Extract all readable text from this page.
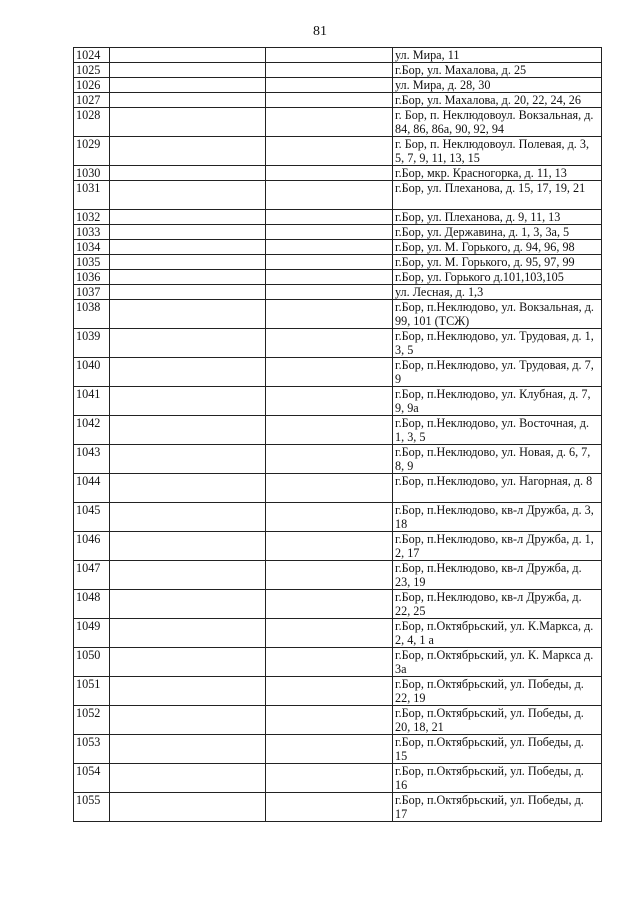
81
1024			ул. Мира, 11
1025			г.Бор, ул. Махалова, д. 25
1026			ул. Мира, д. 28, 30
1027			г.Бор, ул. Махалова, д. 20, 22, 24, 26
1028			г. Бор, п. Неклюдовоул. Вокзальная, д. 84, 86, 86а, 90, 92, 94
1029			г. Бор, п. Неклюдовоул. Полевая, д. 3, 5, 7, 9, 11, 13, 15
1030			г.Бор, мкр. Красногорка, д. 11, 13
1031			г.Бор, ул. Плеханова, д. 15, 17, 19, 21
1032			г.Бор, ул. Плеханова, д. 9, 11, 13
1033			г.Бор, ул. Державина, д. 1, 3, 3а, 5
1034			г.Бор, ул. М. Горького, д. 94, 96, 98
1035			г.Бор, ул. М. Горького, д. 95, 97, 99
1036			г.Бор, ул. Горького д.101,103,105
1037			ул. Лесная, д. 1,3
1038			г.Бор, п.Неклюдово, ул. Вокзальная, д. 99, 101 (ТСЖ)
1039			г.Бор, п.Неклюдово, ул. Трудовая, д. 1, 3, 5
1040			г.Бор, п.Неклюдово, ул. Трудовая, д. 7, 9
1041			г.Бор, п.Неклюдово, ул. Клубная, д. 7, 9, 9а
1042			г.Бор, п.Неклюдово, ул. Восточная, д. 1, 3, 5
1043			г.Бор, п.Неклюдово, ул. Новая, д. 6, 7, 8, 9
1044			г.Бор, п.Неклюдово, ул. Нагорная, д. 8
1045			г.Бор, п.Неклюдово, кв-л Дружба, д. 3, 18
1046			г.Бор, п.Неклюдово, кв-л Дружба, д. 1, 2, 17
1047			г.Бор, п.Неклюдово, кв-л Дружба, д. 23, 19
1048			г.Бор, п.Неклюдово, кв-л Дружба, д. 22, 25
1049			г.Бор, п.Октябрьский, ул. К.Маркса, д. 2, 4, 1 а
1050			г.Бор, п.Октябрьский, ул. К. Маркса д. 3а
1051			г.Бор, п.Октябрьский, ул. Победы, д. 22, 19
1052			г.Бор, п.Октябрьский, ул. Победы, д. 20, 18, 21
1053			г.Бор, п.Октябрьский, ул. Победы, д. 15
1054			г.Бор, п.Октябрьский, ул. Победы, д. 16
1055			г.Бор, п.Октябрьский, ул. Победы, д. 17
